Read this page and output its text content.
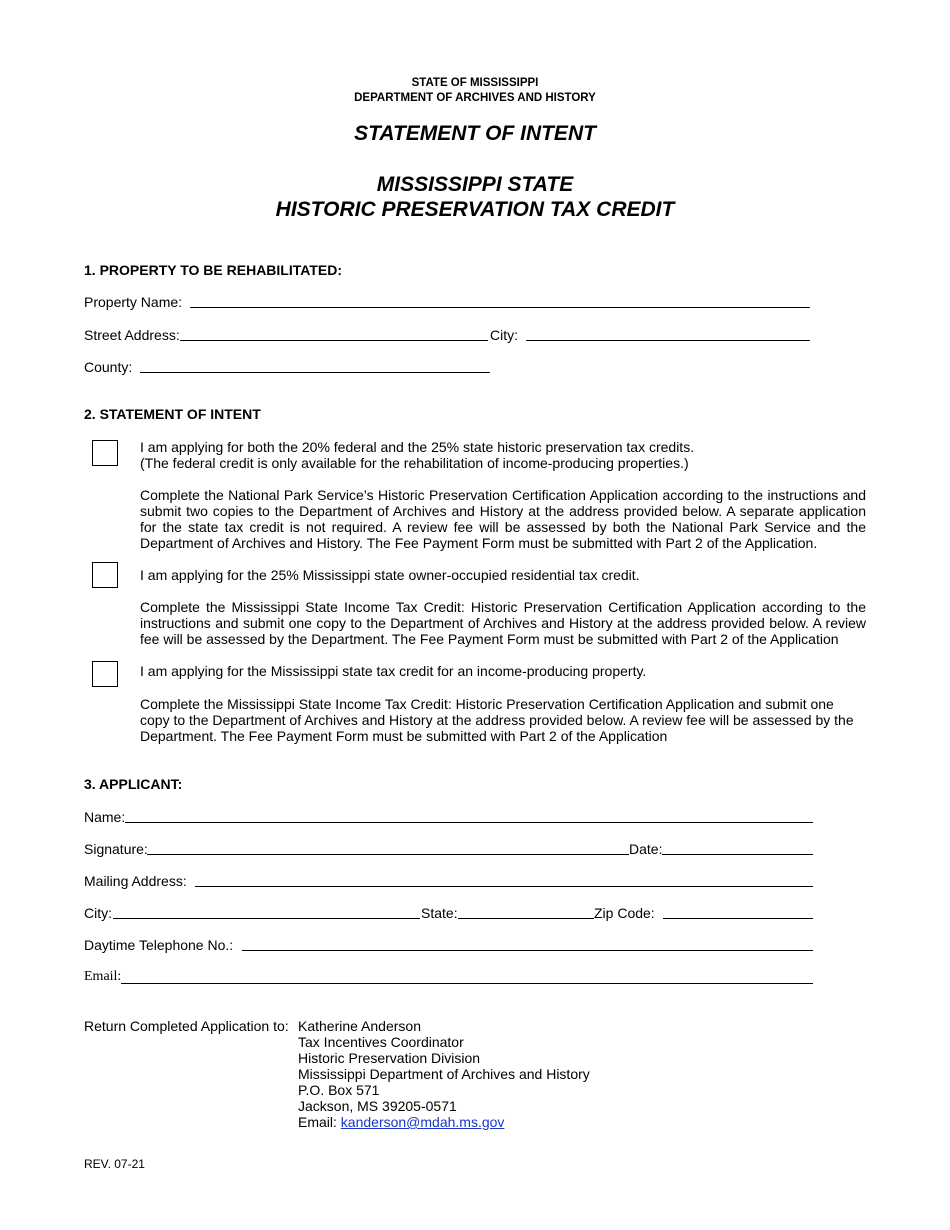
STATE OF MISSISSIPPI
DEPARTMENT OF ARCHIVES AND HISTORY
STATEMENT OF INTENT
MISSISSIPPI STATE
HISTORIC PRESERVATION TAX CREDIT
1. PROPERTY TO BE REHABILITATED:
Property Name:
Street Address:	City:
County:
2. STATEMENT OF INTENT
I am applying for both the 20% federal and the 25% state historic preservation tax credits.
(The federal credit is only available for the rehabilitation of income-producing properties.)
Complete the National Park Service’s Historic Preservation Certification Application according to the instructions and submit two copies to the Department of Archives and History at the address provided below. A separate application for the state tax credit is not required. A review fee will be assessed by both the National Park Service and the Department of Archives and History. The Fee Payment Form must be submitted with Part 2 of the Application.
I am applying for the 25% Mississippi state owner-occupied residential tax credit.
Complete the Mississippi State Income Tax Credit: Historic Preservation Certification Application according to the instructions and submit one copy to the Department of Archives and History at the address provided below. A review fee will be assessed by the Department. The Fee Payment Form must be submitted with Part 2 of the Application
I am applying for the Mississippi state tax credit for an income-producing property.
Complete the Mississippi State Income Tax Credit: Historic Preservation Certification Application and submit one
copy to the Department of Archives and History at the address provided below. A review fee will be assessed by the
Department. The Fee Payment Form must be submitted with Part 2 of the Application
3. APPLICANT:
Name:
Signature:	Date:
Mailing Address:
City:	State:	Zip Code:
Daytime Telephone No.:
Email:
Return Completed Application to: Katherine Anderson
Tax Incentives Coordinator
Historic Preservation Division
Mississippi Department of Archives and History
P.O. Box 571
Jackson, MS 39205-0571
Email: kanderson@mdah.ms.gov
REV. 07-21
